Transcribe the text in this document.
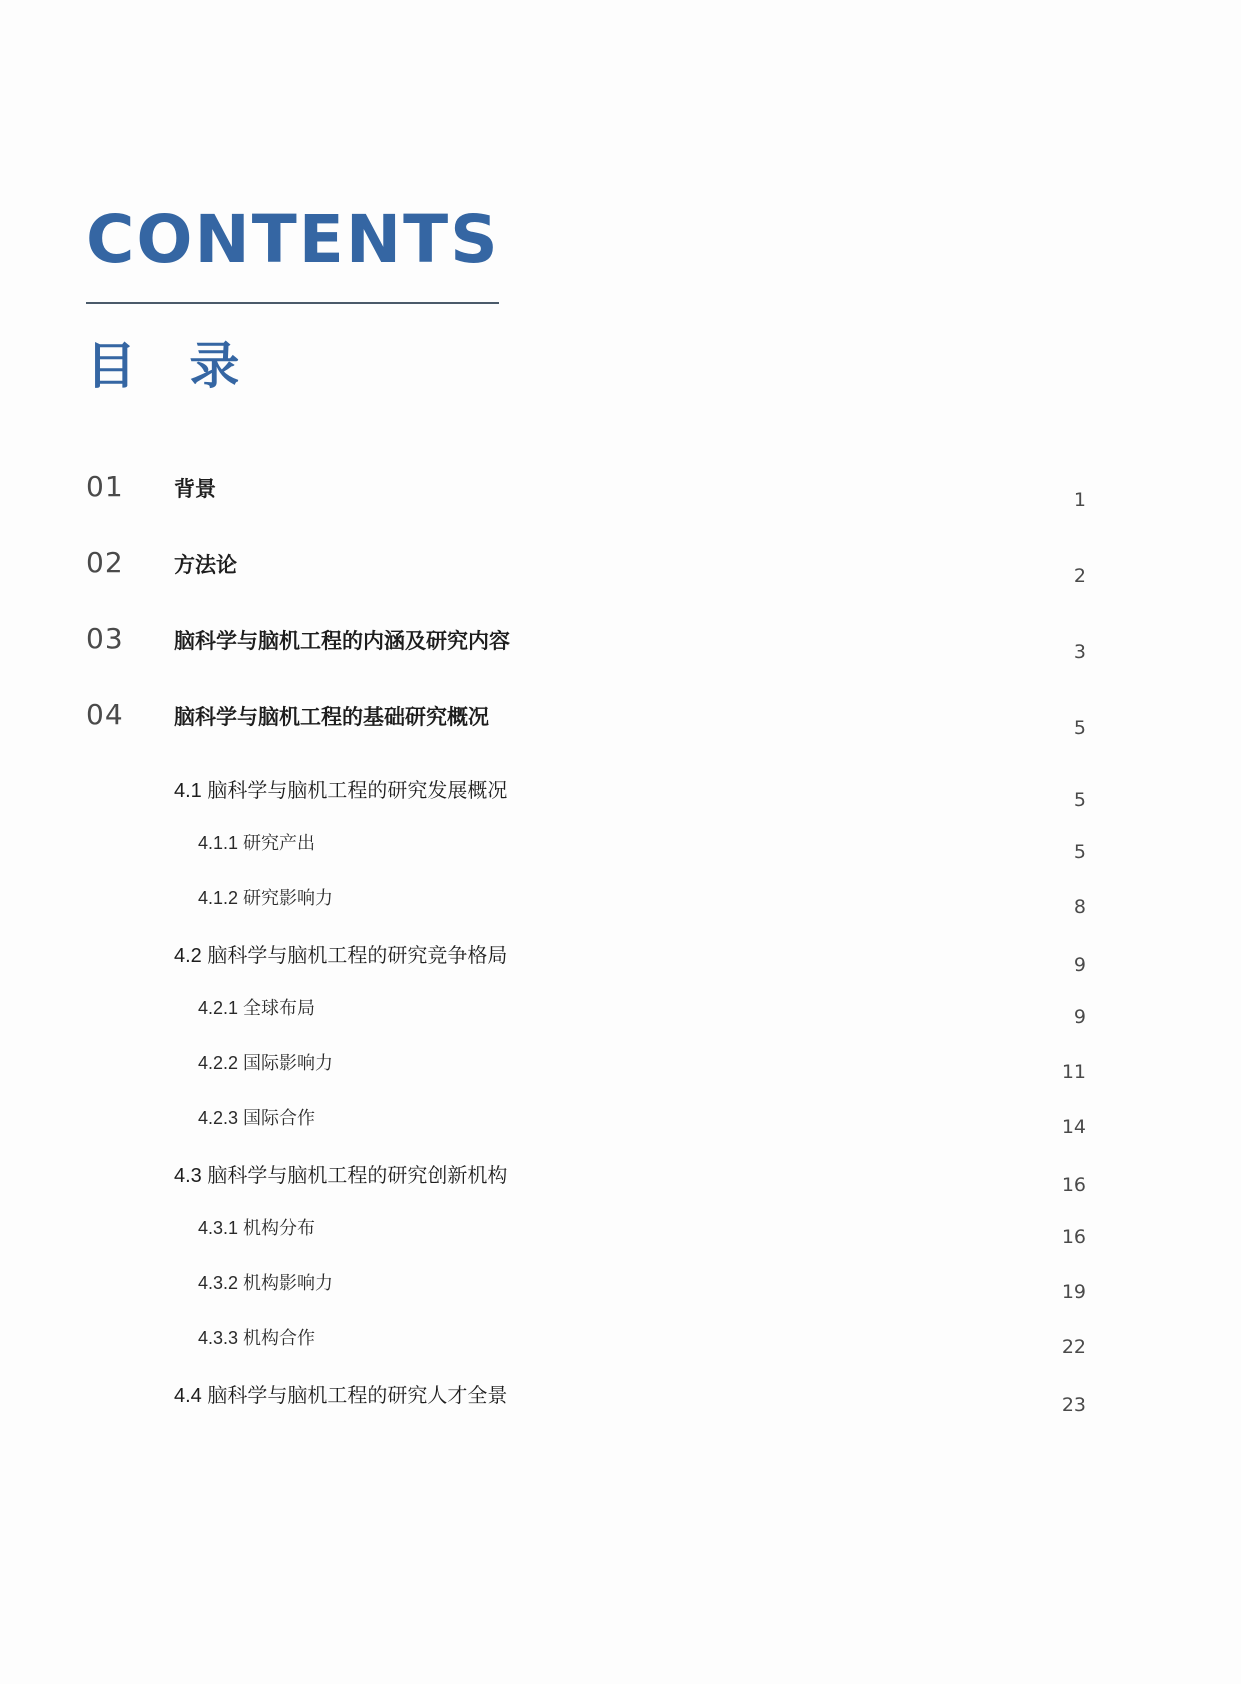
CONTENTS
目 录
01	背景	1
02	方法论	2
03	脑科学与脑机工程的内涵及研究内容	3
04	脑科学与脑机工程的基础研究概况	5
4.1 脑科学与脑机工程的研究发展概况	5
4.1.1 研究产出	5
4.1.2 研究影响力	8
4.2 脑科学与脑机工程的研究竞争格局	9
4.2.1 全球布局	9
4.2.2 国际影响力	11
4.2.3 国际合作	14
4.3 脑科学与脑机工程的研究创新机构	16
4.3.1 机构分布	16
4.3.2 机构影响力	19
4.3.3 机构合作	22
4.4 脑科学与脑机工程的研究人才全景	23
